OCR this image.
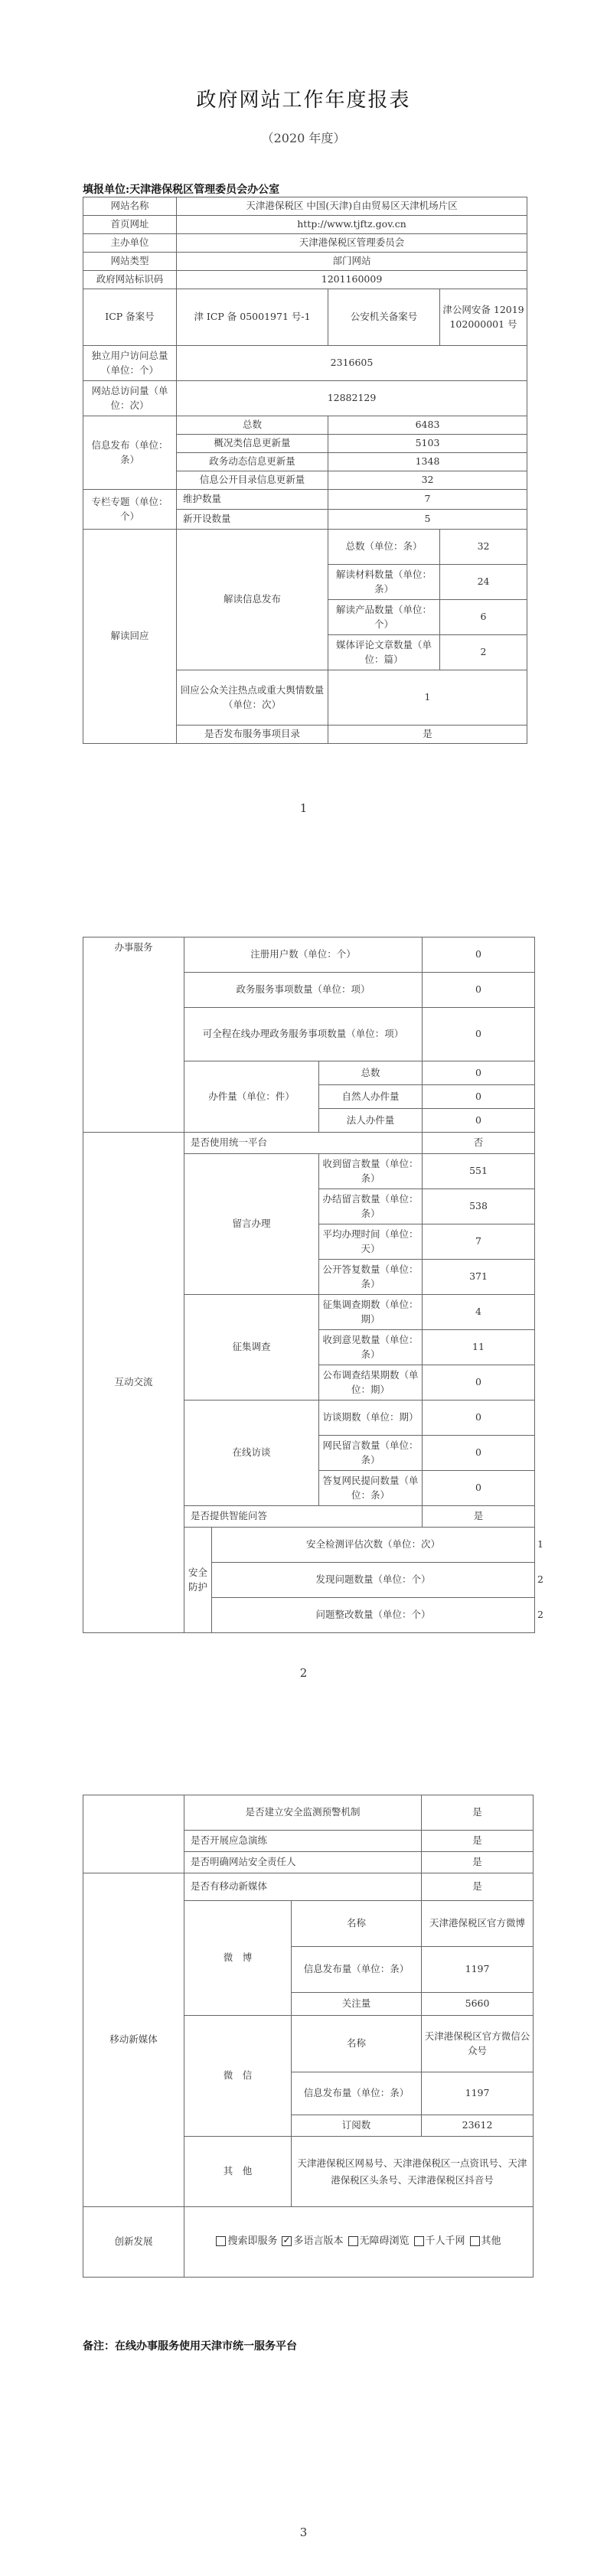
政府网站工作年度报表
（2020 年度）
填报单位:天津港保税区管理委员会办公室
网站名称	天津港保税区 中国(天津)自由贸易区天津机场片区		
首页网址	http://www.tjftz.gov.cn		
主办单位	天津港保税区管理委员会		
网站类型	部门网站		
政府网站标识码	1201160009		
ICP 备案号	津 ICP 备 05001971 号-1	公安机关备案号	津公网安备 12019102000001 号
独立用户访问总量（单位：个）	2316605		
网站总访问量（单位：次）	12882129		
信息发布（单位：条）	总数	6483	
	概况类信息更新量	5103	
	政务动态信息更新量	1348	
	信息公开目录信息更新量	32	
专栏专题（单位：个）	维护数量	7	
	新开设数量	5	
解读回应	解读信息发布	总数（单位：条）	32
		解读材料数量（单位：条）	24
		解读产品数量（单位：个）	6
		媒体评论文章数量（单位：篇）	2
	回应公众关注热点或重大舆情数量（单位：次）	1	
	是否发布服务事项目录	是	
1
办事服务	注册用户数（单位：个）			0	
	政务服务事项数量（单位：项）			0	
	可全程在线办理政务服务事项数量（单位：项）			0	
	办件量（单位：件）		总数	0	
			自然人办件量	0	
			法人办件量	0	
互动交流	是否使用统一平台			否	
	留言办理		收到留言数量（单位：条）	551	
			办结留言数量（单位：条）	538	
			平均办理时间（单位：天）	7	
			公开答复数量（单位：条）	371	
	征集调查		征集调查期数（单位：期）	4	
			收到意见数量（单位：条）	11	
			公布调查结果期数（单位：期）	0	
	在线访谈		访谈期数（单位：期）	0	
			网民留言数量（单位：条）	0	
			答复网民提问数量（单位：条）	0	
	是否提供智能问答			是	
	安全防护	安全检测评估次数（单位：次）			1
		发现问题数量（单位：个）			2
		问题整改数量（单位：个）			2
2
	是否建立安全监测预警机制		是
	是否开展应急演练		是
	是否明确网站安全责任人		是
移动新媒体	是否有移动新媒体		是
	微　博	名称	天津港保税区官方微博
		信息发布量（单位：条）	1197
		关注量	5660
	微　信	名称	天津港保税区官方微信公众号
		信息发布量（单位：条）	1197
		订阅数	23612
	其　他	天津港保税区网易号、天津港保税区一点资讯号、天津港保税区头条号、天津港保税区抖音号	
创新发展	搜索即服务 ✓ 多语言版本 无障碍浏览 千人千网 其他
备注：在线办事服务使用天津市统一服务平台
3
